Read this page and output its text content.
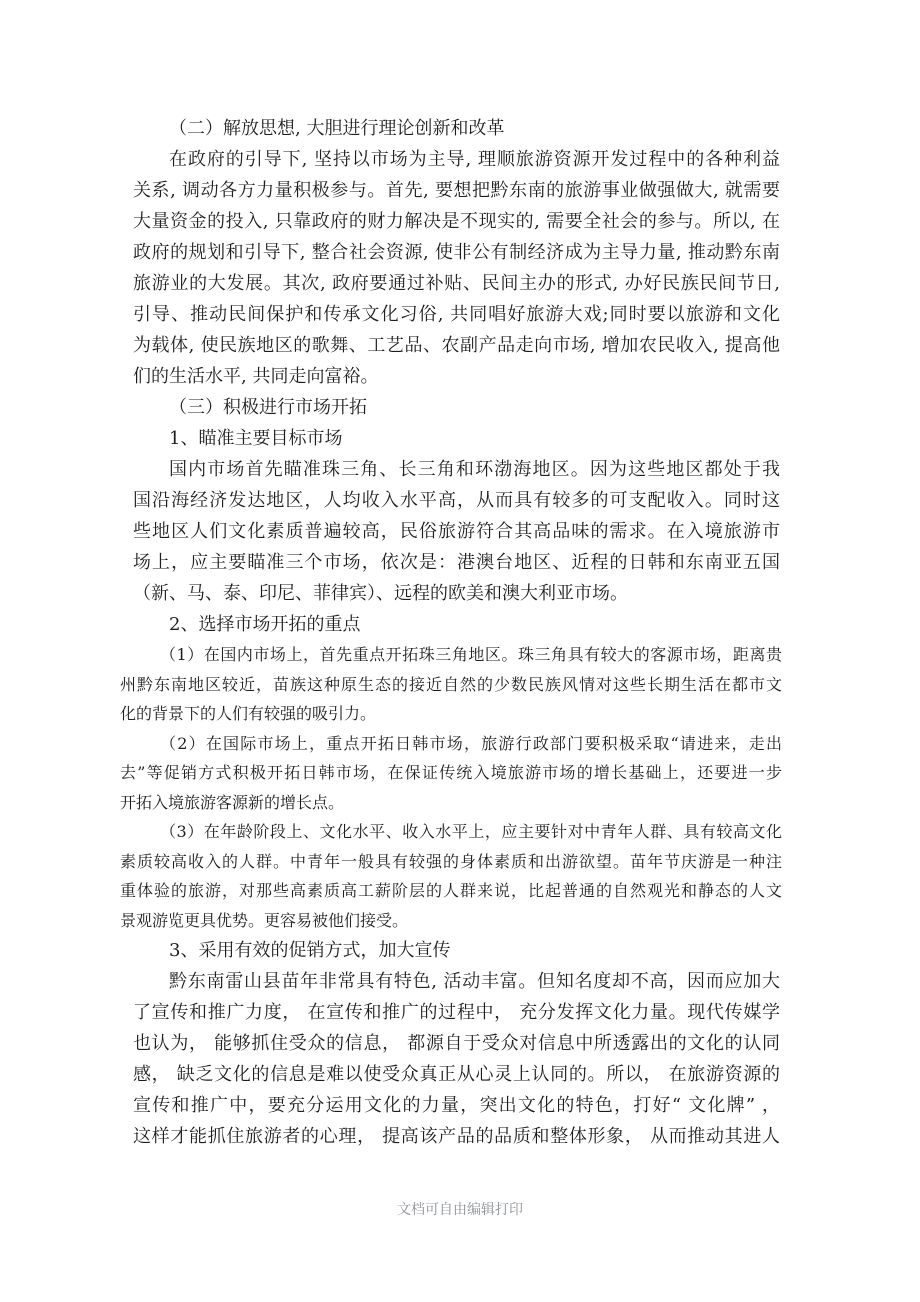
（二）解放思想, 大胆进行理论创新和改革
在政府的引导下, 坚持以市场为主导, 理顺旅游资源开发过程中的各种利益
关系, 调动各方力量积极参与。首先, 要想把黔东南的旅游事业做强做大, 就需要
大量资金的投入, 只靠政府的财力解决是不现实的, 需要全社会的参与。所以, 在
政府的规划和引导下, 整合社会资源, 使非公有制经济成为主导力量, 推动黔东南
旅游业的大发展。其次, 政府要通过补贴、民间主办的形式, 办好民族民间节日,
引导、推动民间保护和传承文化习俗, 共同唱好旅游大戏;同时要以旅游和文化
为载体, 使民族地区的歌舞、工艺品、农副产品走向市场, 增加农民收入, 提高他
们的生活水平, 共同走向富裕。
（三）积极进行市场开拓
1、瞄准主要目标市场
国内市场首先瞄准珠三角、长三角和环渤海地区。因为这些地区都处于我
国沿海经济发达地区，人均收入水平高，从而具有较多的可支配收入。同时这
些地区人们文化素质普遍较高，民俗旅游符合其高品味的需求。在入境旅游市
场上，应主要瞄准三个市场，依次是：港澳台地区、近程的日韩和东南亚五国
（新、马、泰、印尼、菲律宾）、远程的欧美和澳大利亚市场。
2、选择市场开拓的重点
（1）在国内市场上，首先重点开拓珠三角地区。珠三角具有较大的客源市场，距离贵
州黔东南地区较近，苗族这种原生态的接近自然的少数民族风情对这些长期生活在都市文
化的背景下的人们有较强的吸引力。
（2）在国际市场上，重点开拓日韩市场，旅游行政部门要积极采取“请进来，走出
去”等促销方式积极开拓日韩市场，在保证传统入境旅游市场的增长基础上，还要进一步
开拓入境旅游客源新的增长点。
（3）在年龄阶段上、文化水平、收入水平上，应主要针对中青年人群、具有较高文化
素质较高收入的人群。中青年一般具有较强的身体素质和出游欲望。苗年节庆游是一种注
重体验的旅游，对那些高素质高工薪阶层的人群来说，比起普通的自然观光和静态的人文
景观游览更具优势。更容易被他们接受。
3、采用有效的促销方式，加大宣传
黔东南雷山县苗年非常具有特色, 活动丰富。但知名度却不高，因而应加大
了宣传和推广力度， 在宣传和推广的过程中， 充分发挥文化力量。现代传媒学
也认为， 能够抓住受众的信息， 都源自于受众对信息中所透露出的文化的认同
感， 缺乏文化的信息是难以使受众真正从心灵上认同的。所以， 在旅游资源的
宣传和推广中，要充分运用文化的力量，突出文化的特色，打好“ 文化牌” ，
这样才能抓住旅游者的心理， 提高该产品的品质和整体形象， 从而推动其进人
文档可自由编辑打印
